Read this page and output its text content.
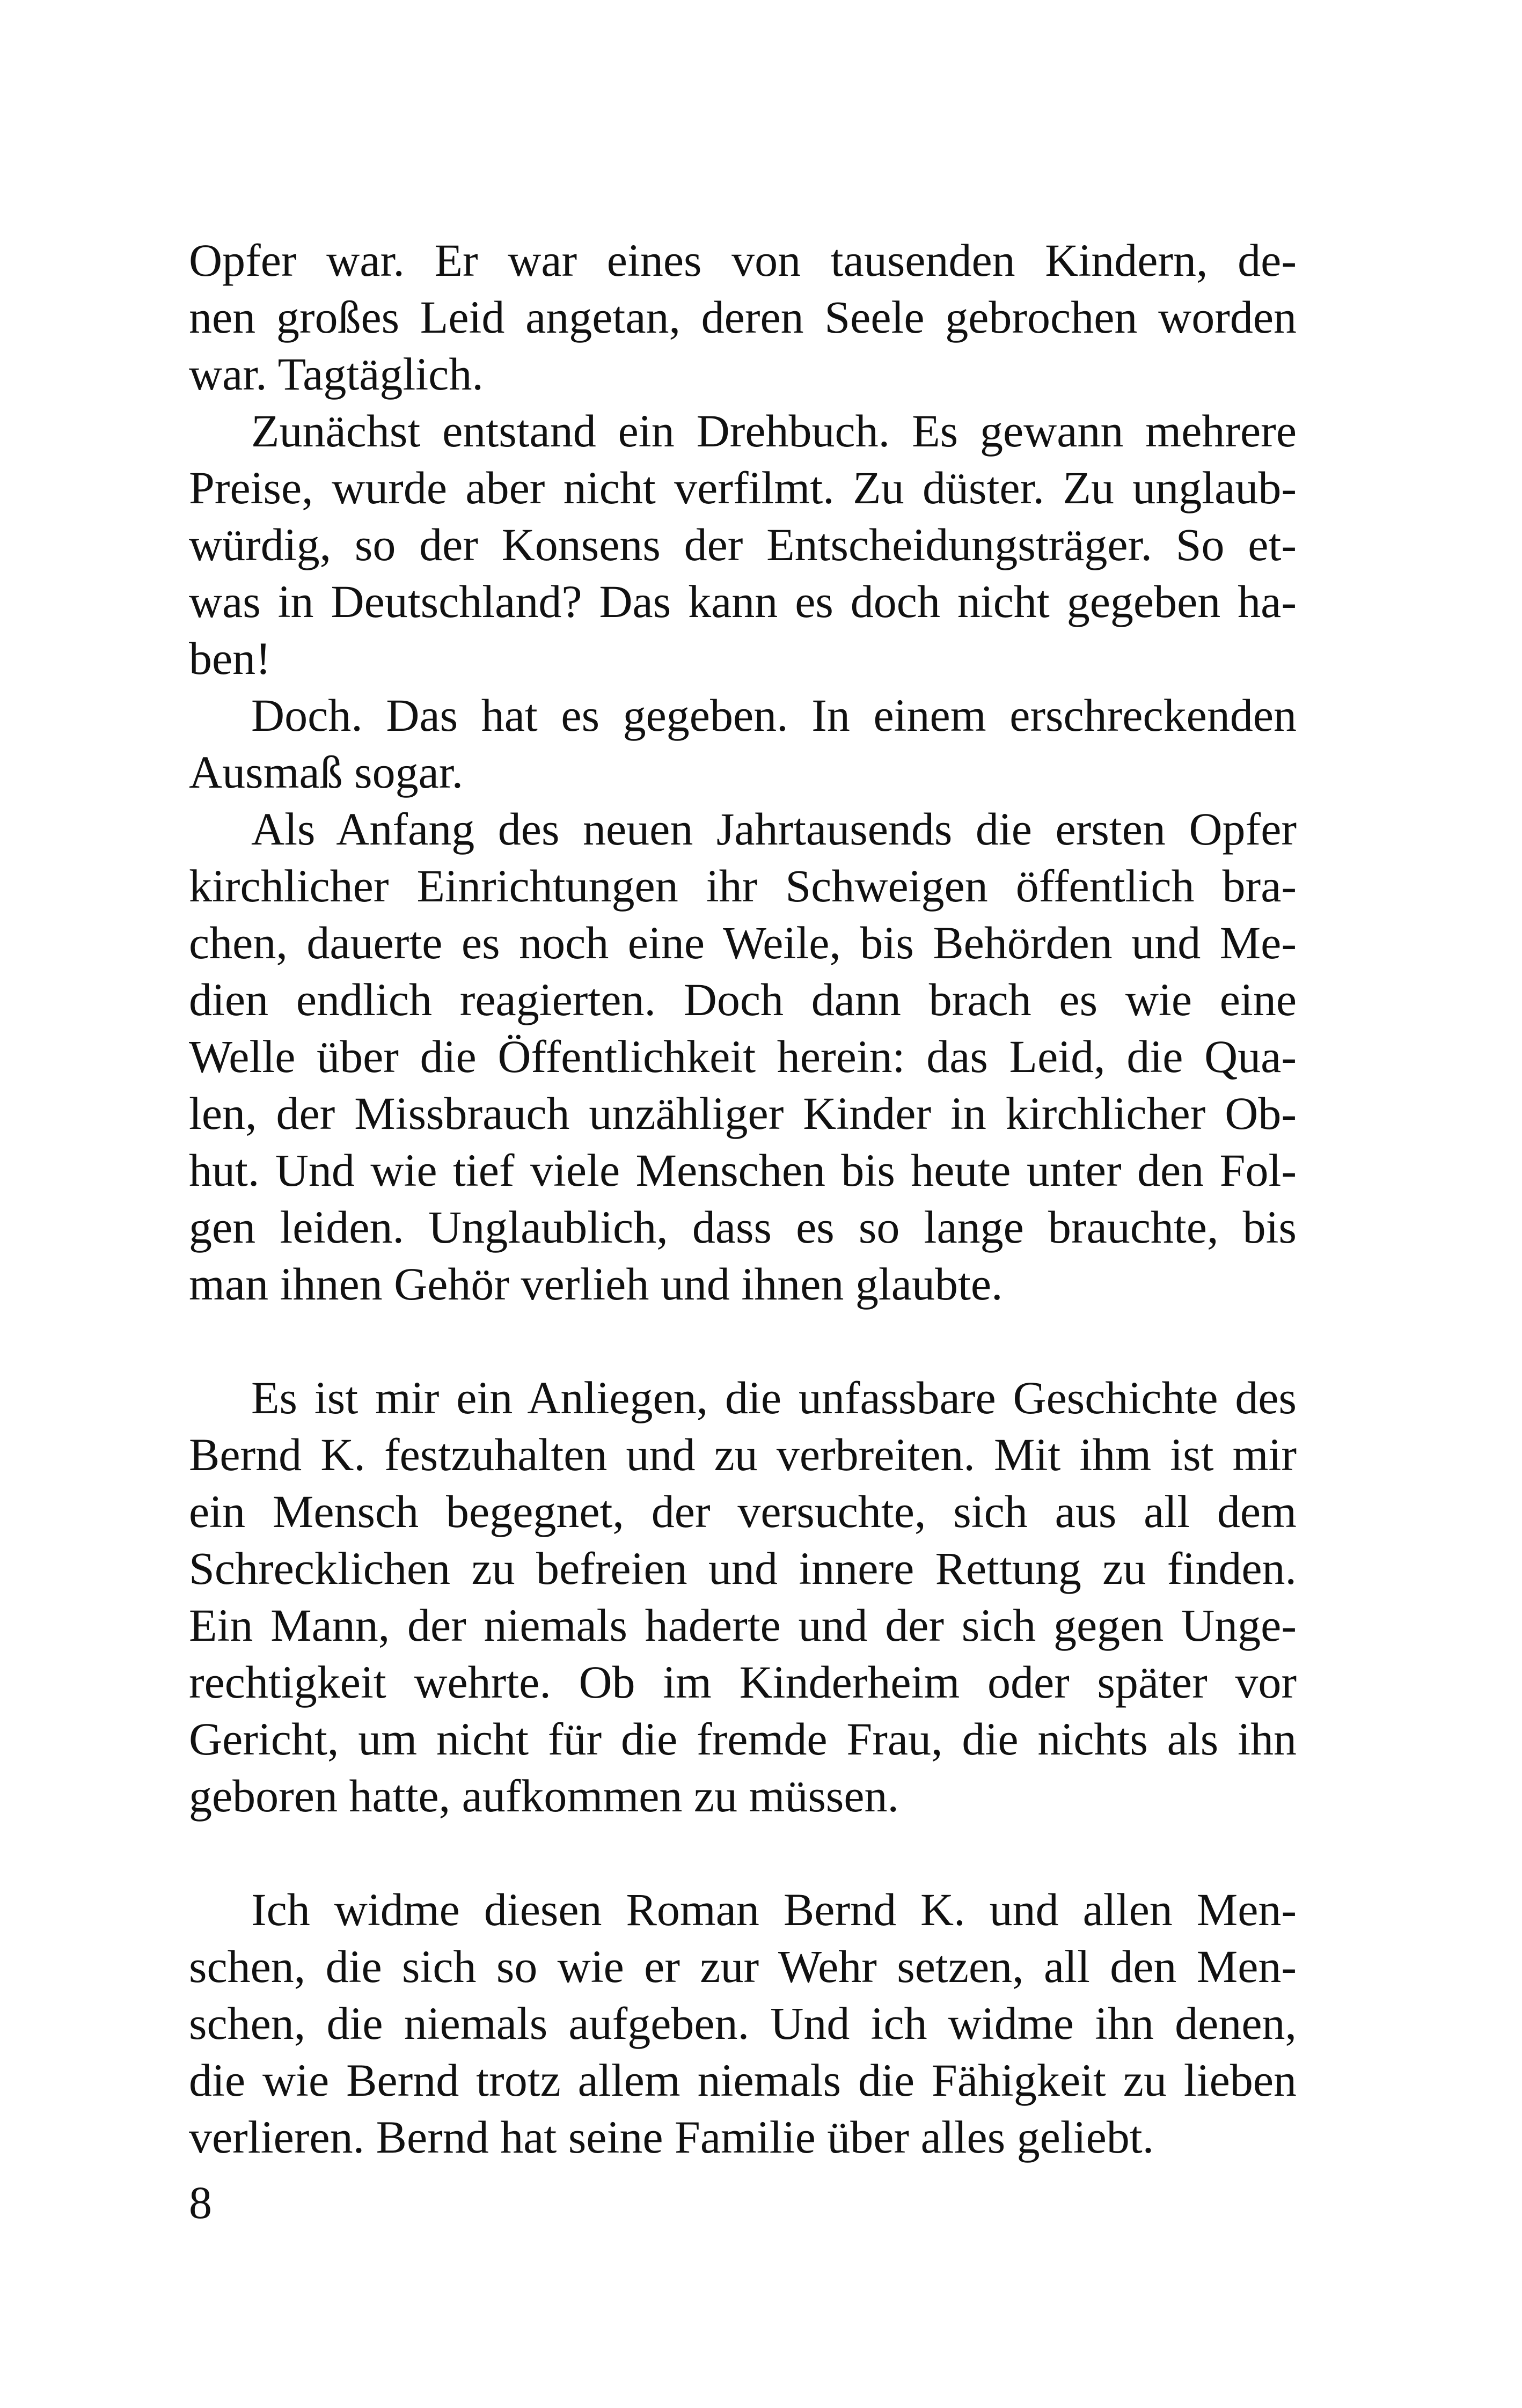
Opfer war. Er war eines von tausenden Kindern, de-
nen großes Leid angetan, deren Seele gebrochen worden
war. Tagtäglich.
Zunächst entstand ein Drehbuch. Es gewann mehrere
Preise, wurde aber nicht verfilmt. Zu düster. Zu unglaub-
würdig, so der Konsens der Entscheidungsträger. So et-
was in Deutschland? Das kann es doch nicht gegeben ha-
ben!
Doch. Das hat es gegeben. In einem erschreckenden
Ausmaß sogar.
Als Anfang des neuen Jahrtausends die ersten Opfer
kirchlicher Einrichtungen ihr Schweigen öffentlich bra-
chen, dauerte es noch eine Weile, bis Behörden und Me-
dien endlich reagierten. Doch dann brach es wie eine
Welle über die Öffentlichkeit herein: das Leid, die Qua-
len, der Missbrauch unzähliger Kinder in kirchlicher Ob-
hut. Und wie tief viele Menschen bis heute unter den Fol-
gen leiden. Unglaublich, dass es so lange brauchte, bis
man ihnen Gehör verlieh und ihnen glaubte.
Es ist mir ein Anliegen, die unfassbare Geschichte des
Bernd K. festzuhalten und zu verbreiten. Mit ihm ist mir
ein Mensch begegnet, der versuchte, sich aus all dem
Schrecklichen zu befreien und innere Rettung zu finden.
Ein Mann, der niemals haderte und der sich gegen Unge-
rechtigkeit wehrte. Ob im Kinderheim oder später vor
Gericht, um nicht für die fremde Frau, die nichts als ihn
geboren hatte, aufkommen zu müssen.
Ich widme diesen Roman Bernd K. und allen Men-
schen, die sich so wie er zur Wehr setzen, all den Men-
schen, die niemals aufgeben. Und ich widme ihn denen,
die wie Bernd trotz allem niemals die Fähigkeit zu lieben
verlieren. Bernd hat seine Familie über alles geliebt.
8
